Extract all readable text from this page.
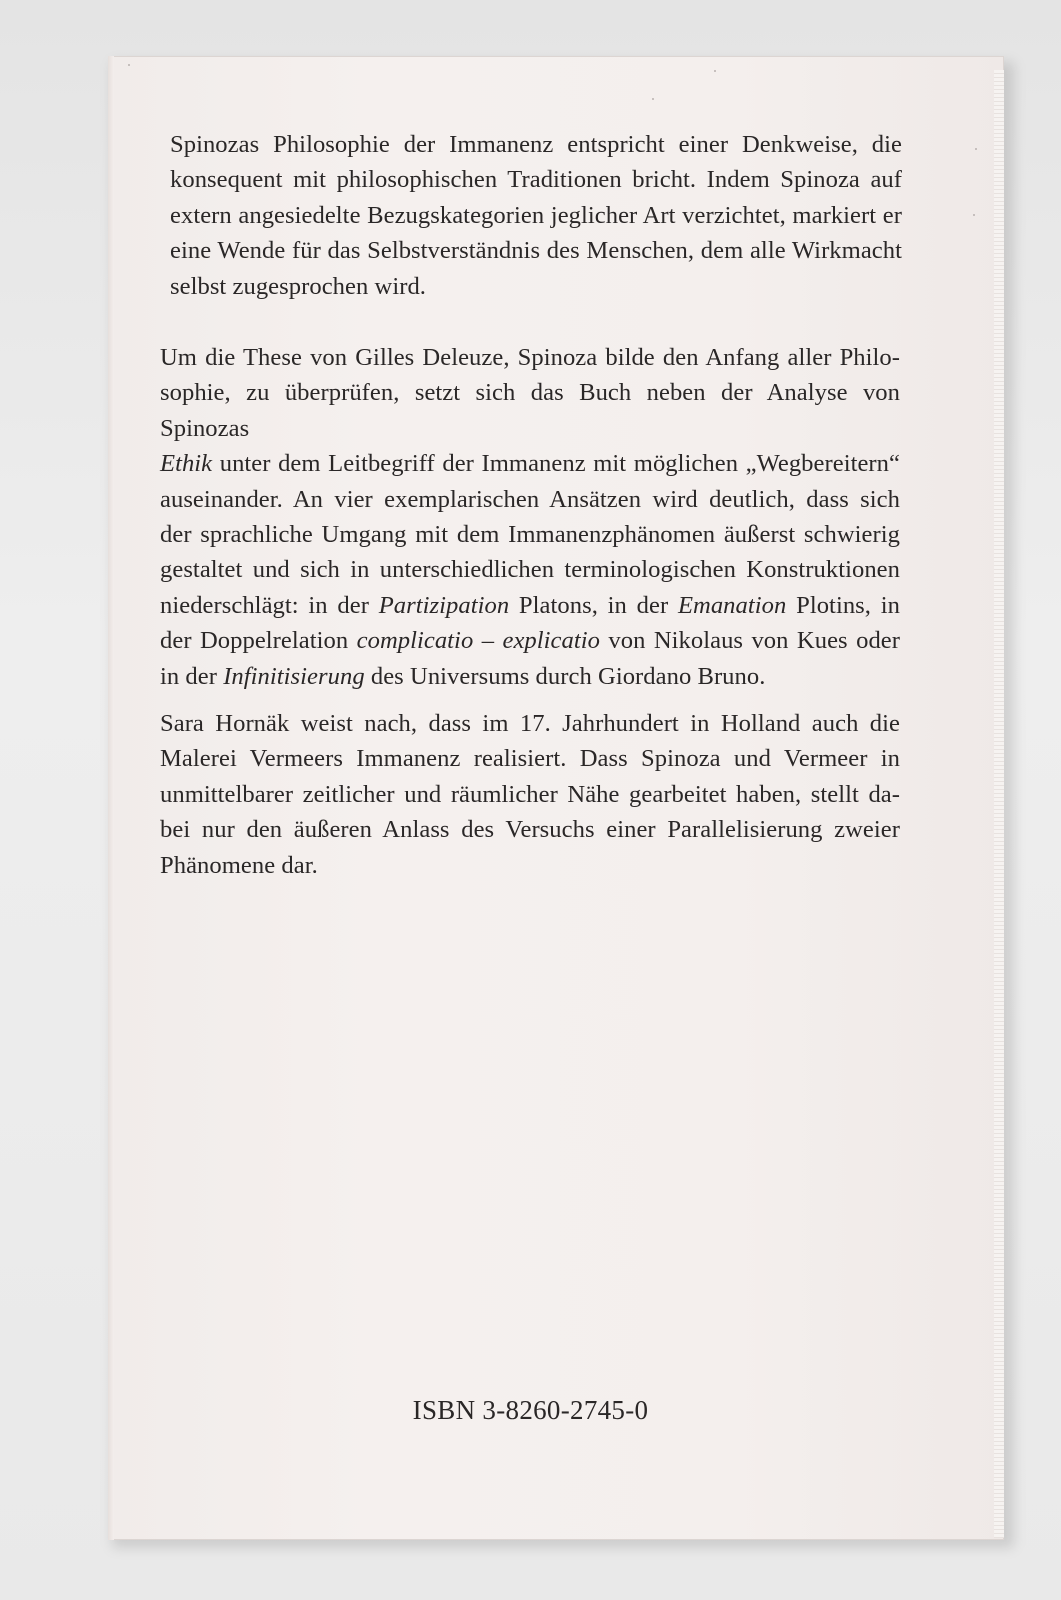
Spinozas Philosophie der Immanenz entspricht einer Denkweise, die
konsequent mit philosophischen Traditionen bricht. Indem Spinoza auf
extern angesiedelte Bezugskategorien jeglicher Art verzichtet, markiert er
eine Wende für das Selbstverständnis des Menschen, dem alle Wirkmacht
selbst zugesprochen wird.

Um die These von Gilles Deleuze, Spinoza bilde den Anfang aller Philo-
sophie, zu überprüfen, setzt sich das Buch neben der Analyse von Spinozas
Ethik unter dem Leitbegriff der Immanenz mit möglichen „Wegbereitern“
auseinander. An vier exemplarischen Ansätzen wird deutlich, dass sich
der sprachliche Umgang mit dem Immanenzphänomen äußerst schwierig
gestaltet und sich in unterschiedlichen terminologischen Konstruktionen
niederschlägt: in der Partizipation Platons, in der Emanation Plotins, in
der Doppelrelation complicatio – explicatio von Nikolaus von Kues oder
in der Infinitisierung des Universums durch Giordano Bruno.

Sara Hornäk weist nach, dass im 17. Jahrhundert in Holland auch die
Malerei Vermeers Immanenz realisiert. Dass Spinoza und Vermeer in
unmittelbarer zeitlicher und räumlicher Nähe gearbeitet haben, stellt da-
bei nur den äußeren Anlass des Versuchs einer Parallelisierung zweier
Phänomene dar.

ISBN 3-8260-2745-0
